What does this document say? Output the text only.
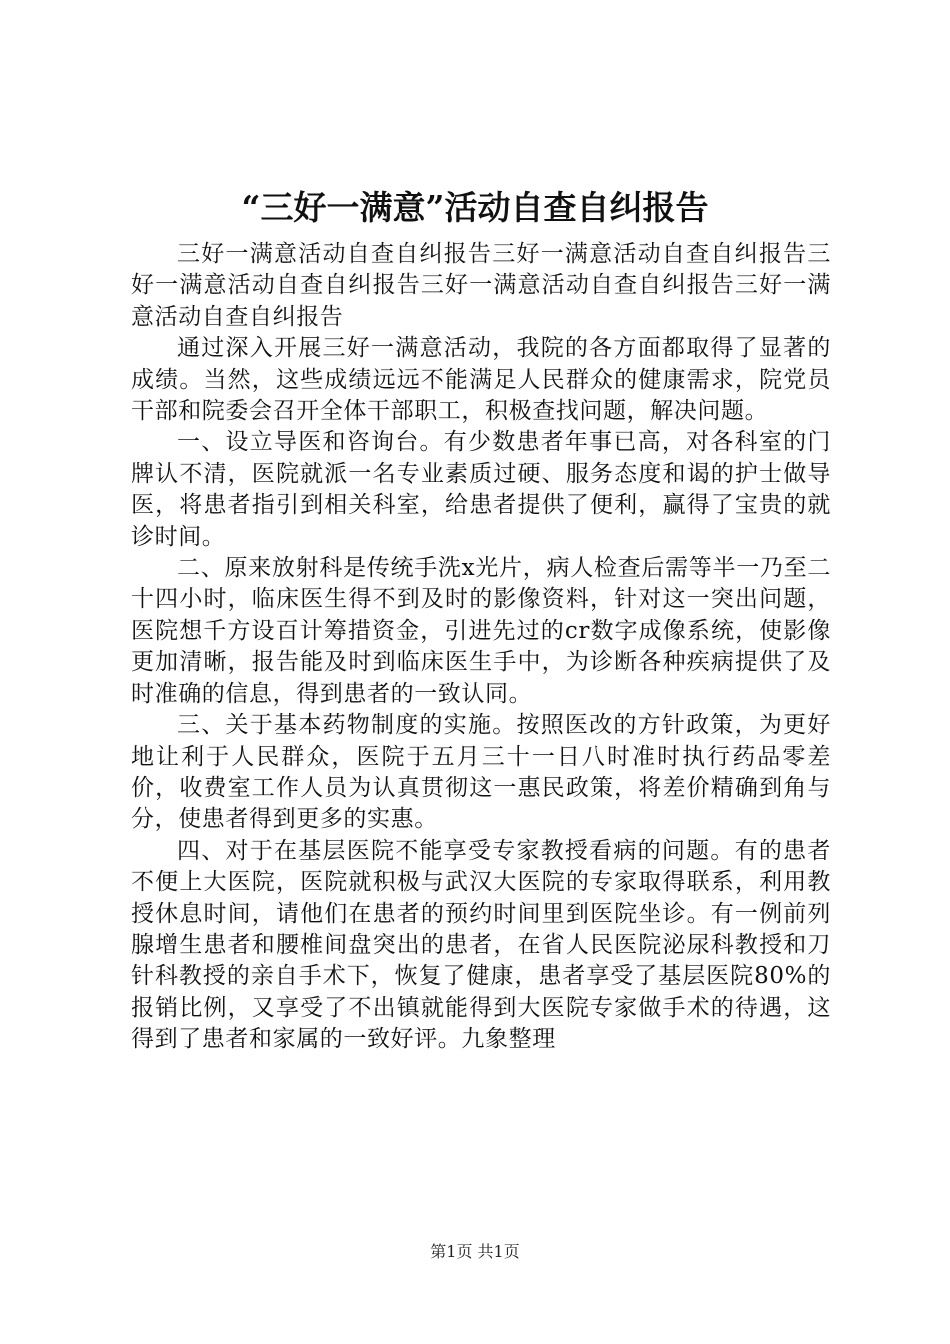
“三好一满意”活动自查自纠报告

三好一满意活动自查自纠报告三好一满意活动自查自纠报告三好一满意活动自查自纠报告三好一满意活动自查自纠报告三好一满意活动自查自纠报告

通过深入开展三好一满意活动，我院的各方面都取得了显著的成绩。当然，这些成绩远远不能满足人民群众的健康需求，院党员干部和院委会召开全体干部职工，积极查找问题，解决问题。

一、设立导医和咨询台。有少数患者年事已高，对各科室的门牌认不清，医院就派一名专业素质过硬、服务态度和谒的护士做导医，将患者指引到相关科室，给患者提供了便利，赢得了宝贵的就诊时间。

二、原来放射科是传统手洗x光片，病人检查后需等半一乃至二十四小时，临床医生得不到及时的影像资料，针对这一突出问题，医院想千方设百计筹措资金，引进先过的cr数字成像系统，使影像更加清晰，报告能及时到临床医生手中，为诊断各种疾病提供了及时准确的信息，得到患者的一致认同。

三、关于基本药物制度的实施。按照医改的方针政策，为更好地让利于人民群众，医院于五月三十一日八时准时执行药品零差价，收费室工作人员为认真贯彻这一惠民政策，将差价精确到角与分，使患者得到更多的实惠。

四、对于在基层医院不能享受专家教授看病的问题。有的患者不便上大医院，医院就积极与武汉大医院的专家取得联系，利用教授休息时间，请他们在患者的预约时间里到医院坐诊。有一例前列腺增生患者和腰椎间盘突出的患者，在省人民医院泌尿科教授和刀针科教授的亲自手术下，恢复了健康，患者享受了基层医院80%的报销比例，又享受了不出镇就能得到大医院专家做手术的待遇，这得到了患者和家属的一致好评。九象整理

第1页 共1页
